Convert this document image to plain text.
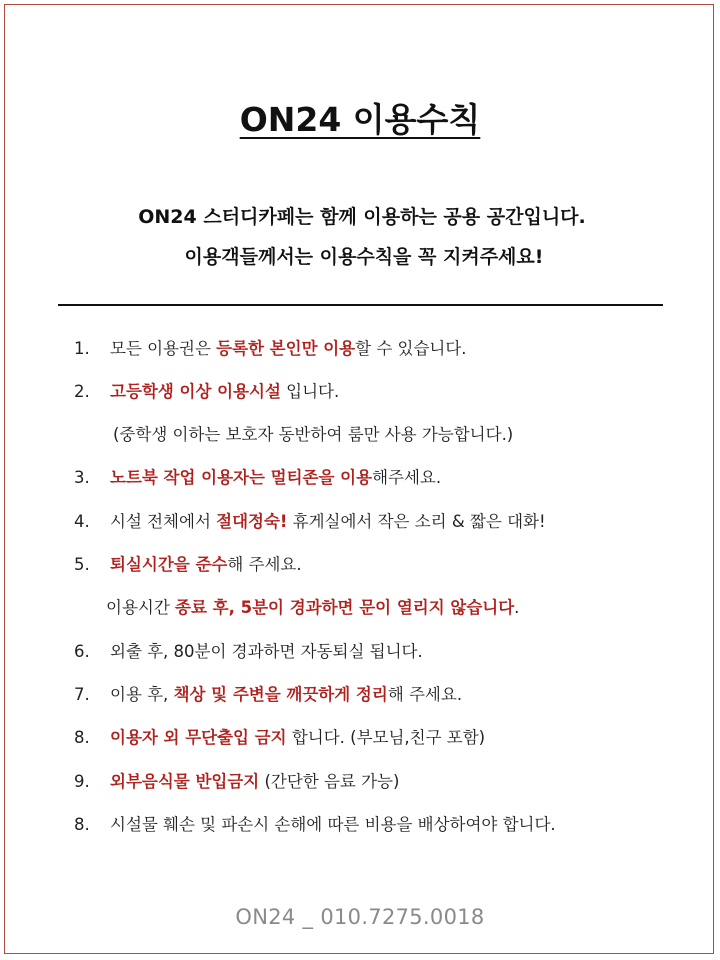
ON24 이용수칙
ON24 스터디카페는 함께 이용하는 공용 공간입니다.
이용객들께서는 이용수칙을 꼭 지켜주세요!
1. 모든 이용권은 등록한 본인만 이용할 수 있습니다.
2. 고등학생 이상 이용시설 입니다.
(중학생 이하는 보호자 동반하여 룸만 사용 가능합니다.)
3. 노트북 작업 이용자는 멀티존을 이용해주세요.
4. 시설 전체에서 절대정숙! 휴게실에서 작은 소리 & 짧은 대화!
5. 퇴실시간을 준수해 주세요.
이용시간 종료 후, 5분이 경과하면 문이 열리지 않습니다.
6. 외출 후, 80분이 경과하면 자동퇴실 됩니다.
7. 이용 후, 책상 및 주변을 깨끗하게 정리해 주세요.
8. 이용자 외 무단출입 금지 합니다. (부모님,친구 포함)
9. 외부음식물 반입금지 (간단한 음료 가능)
8. 시설물 훼손 및 파손시 손해에 따른 비용을 배상하여야 합니다.
ON24 _ 010.7275.0018
